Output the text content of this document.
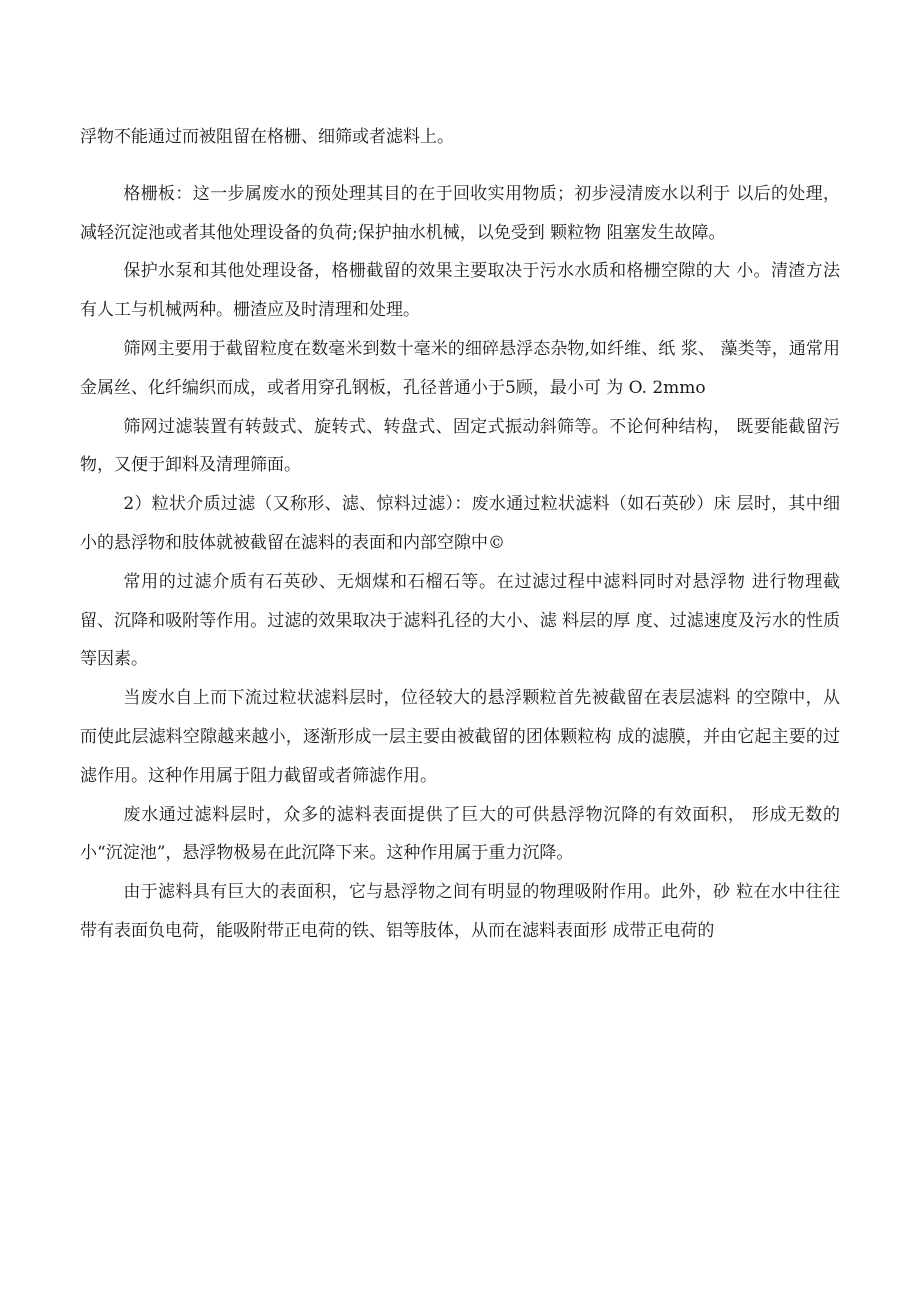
浮物不能通过而被阻留在格栅、细筛或者滤料上。

格栅板：这一步属废水的预处理其目的在于回收实用物质；初步浸清废水以利于 以后的处理，减轻沉淀池或者其他处理设备的负荷;保护抽水机械，以免受到 颗粒物 阻塞发生故障。

保护水泵和其他处理设备，格栅截留的效果主要取决于污水水质和格栅空隙的大 小。清渣方法有人工与机械两种。栅渣应及时清理和处理。

筛网主要用于截留粒度在数毫米到数十毫米的细碎悬浮态杂物,如纤维、纸 浆、 藻类等，通常用金属丝、化纤编织而成，或者用穿孔钢板，孔径普通小于5顾，最小可 为 O. 2mmo

筛网过滤装置有转鼓式、旋转式、转盘式、固定式振动斜筛等。不论何种结构， 既要能截留污物，又便于卸料及清理筛面。

2）粒状介质过滤（又称形、滤、惊料过滤）：废水通过粒状滤料（如石英砂）床 层时，其中细小的悬浮物和肢体就被截留在滤料的表面和内部空隙中©

常用的过滤介质有石英砂、无烟煤和石榴石等。在过滤过程中滤料同时对悬浮物 进行物理截留、沉降和吸附等作用。过滤的效果取决于滤料孔径的大小、滤 料层的厚 度、过滤速度及污水的性质等因素。

当废水自上而下流过粒状滤料层时，位径较大的悬浮颗粒首先被截留在表层滤料 的空隙中，从而使此层滤料空隙越来越小，逐渐形成一层主要由被截留的团体颗粒构 成的滤膜，并由它起主要的过滤作用。这种作用属于阻力截留或者筛滤作用。

废水通过滤料层时，众多的滤料表面提供了巨大的可供悬浮物沉降的有效面积， 形成无数的小“沉淀池”，悬浮物极易在此沉降下来。这种作用属于重力沉降。

由于滤料具有巨大的表面积，它与悬浮物之间有明显的物理吸附作用。此外，砂 粒在水中往往带有表面负电荷，能吸附带正电荷的铁、铝等肢体，从而在滤料表面形 成带正电荷的
